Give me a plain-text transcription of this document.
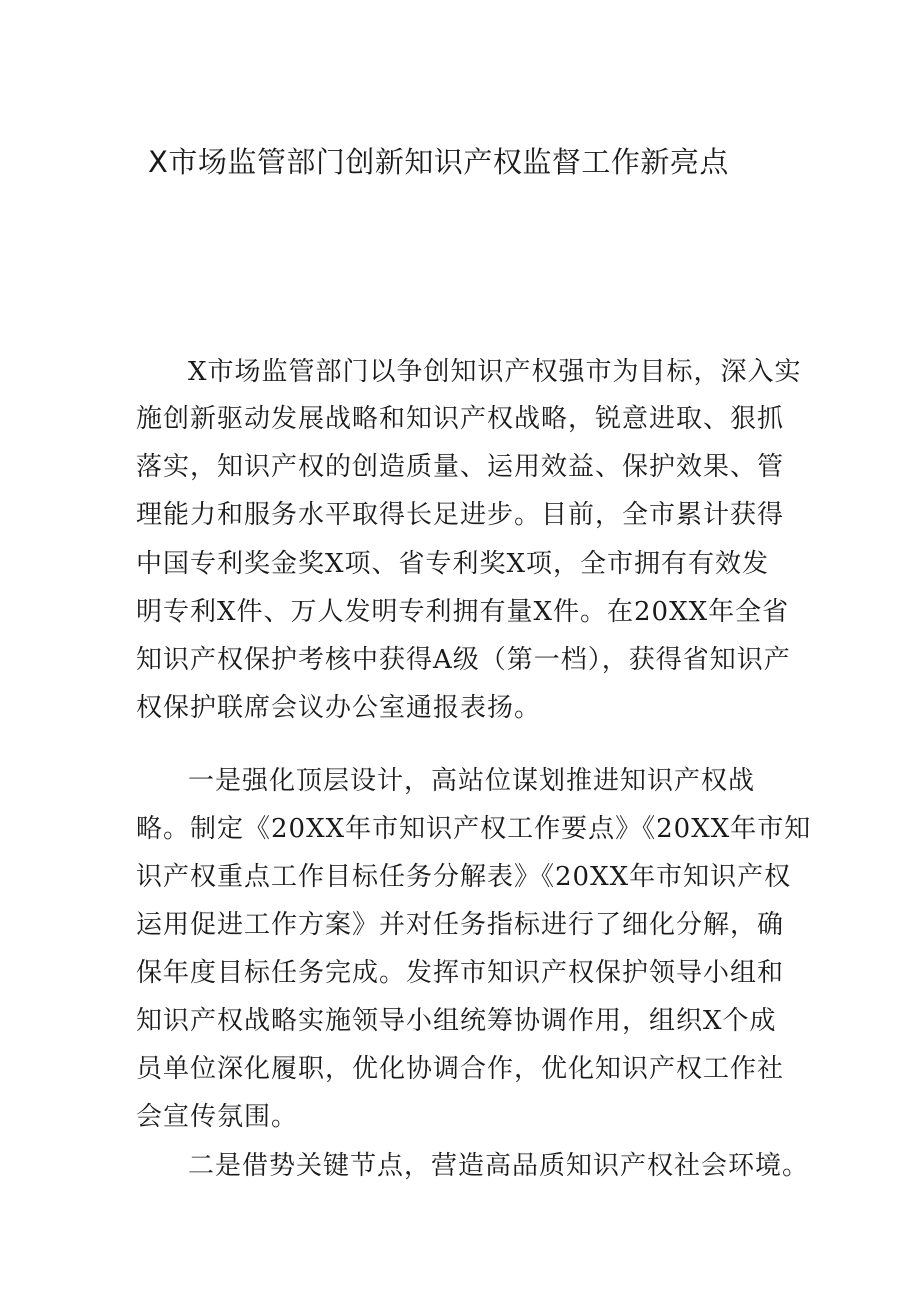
X市场监管部门创新知识产权监督工作新亮点
X市场监管部门以争创知识产权强市为目标，深入实
施创新驱动发展战略和知识产权战略，锐意进取、狠抓
落实，知识产权的创造质量、运用效益、保护效果、管
理能力和服务水平取得长足进步。目前，全市累计获得
中国专利奖金奖X项、省专利奖X项，全市拥有有效发
明专利X件、万人发明专利拥有量X件。在20XX年全省
知识产权保护考核中获得A级（第一档），获得省知识产
权保护联席会议办公室通报表扬。
一是强化顶层设计，高站位谋划推进知识产权战
略。制定《20XX年市知识产权工作要点》《20XX年市知
识产权重点工作目标任务分解表》《20XX年市知识产权
运用促进工作方案》并对任务指标进行了细化分解，确
保年度目标任务完成。发挥市知识产权保护领导小组和
知识产权战略实施领导小组统筹协调作用，组织X个成
员单位深化履职，优化协调合作，优化知识产权工作社
会宣传氛围。
二是借势关键节点，营造高品质知识产权社会环境。
